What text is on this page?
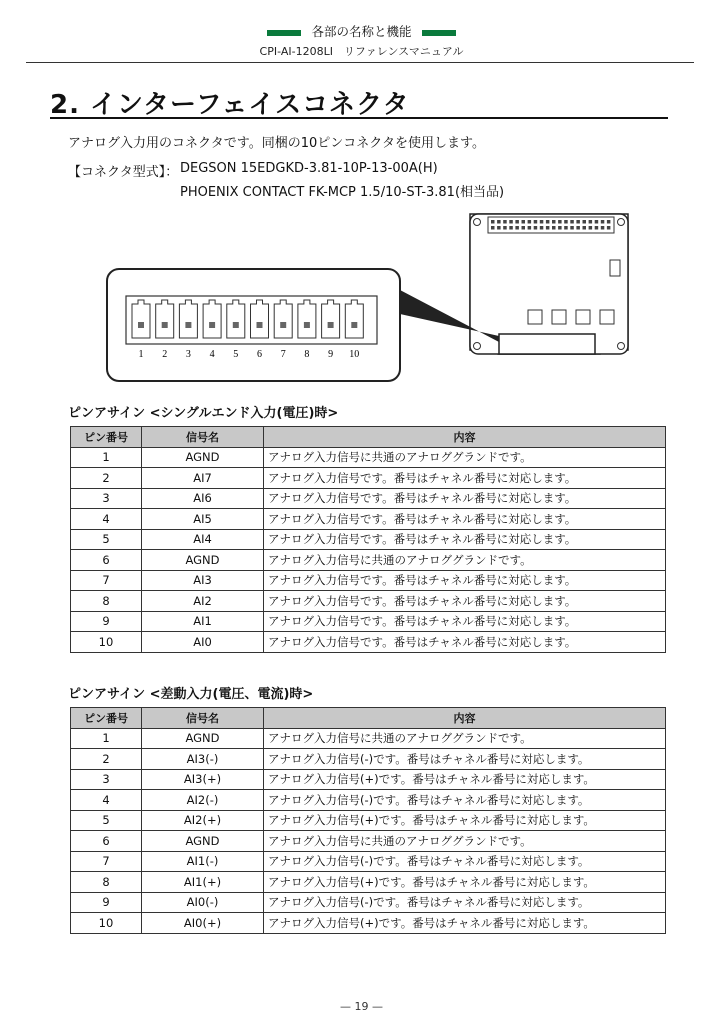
各部の名称と機能
CPI-AI-1208LI　リファレンスマニュアル
2. インターフェイスコネクタ
アナログ入力用のコネクタです。同梱の10ピンコネクタを使用します。
【コネクタ型式】： DEGSON 15EDGKD-3.81-10P-13-00A(H)
PHOENIX CONTACT FK-MCP 1.5/10-ST-3.81(相当品)
1 2 3 4 5 6 7 8 9 10
ピンアサイン <シングルエンド入力(電圧)時>
ピン番号	信号名	内容
1	AGND	アナログ入力信号に共通のアナロググランドです。
2	AI7	アナログ入力信号です。番号はチャネル番号に対応します。
3	AI6	アナログ入力信号です。番号はチャネル番号に対応します。
4	AI5	アナログ入力信号です。番号はチャネル番号に対応します。
5	AI4	アナログ入力信号です。番号はチャネル番号に対応します。
6	AGND	アナログ入力信号に共通のアナロググランドです。
7	AI3	アナログ入力信号です。番号はチャネル番号に対応します。
8	AI2	アナログ入力信号です。番号はチャネル番号に対応します。
9	AI1	アナログ入力信号です。番号はチャネル番号に対応します。
10	AI0	アナログ入力信号です。番号はチャネル番号に対応します。
ピンアサイン <差動入力(電圧、電流)時>
ピン番号	信号名	内容
1	AGND	アナログ入力信号に共通のアナロググランドです。
2	AI3(-)	アナログ入力信号(-)です。番号はチャネル番号に対応します。
3	AI3(+)	アナログ入力信号(+)です。番号はチャネル番号に対応します。
4	AI2(-)	アナログ入力信号(-)です。番号はチャネル番号に対応します。
5	AI2(+)	アナログ入力信号(+)です。番号はチャネル番号に対応します。
6	AGND	アナログ入力信号に共通のアナロググランドです。
7	AI1(-)	アナログ入力信号(-)です。番号はチャネル番号に対応します。
8	AI1(+)	アナログ入力信号(+)です。番号はチャネル番号に対応します。
9	AI0(-)	アナログ入力信号(-)です。番号はチャネル番号に対応します。
10	AI0(+)	アナログ入力信号(+)です。番号はチャネル番号に対応します。
— 19 —
